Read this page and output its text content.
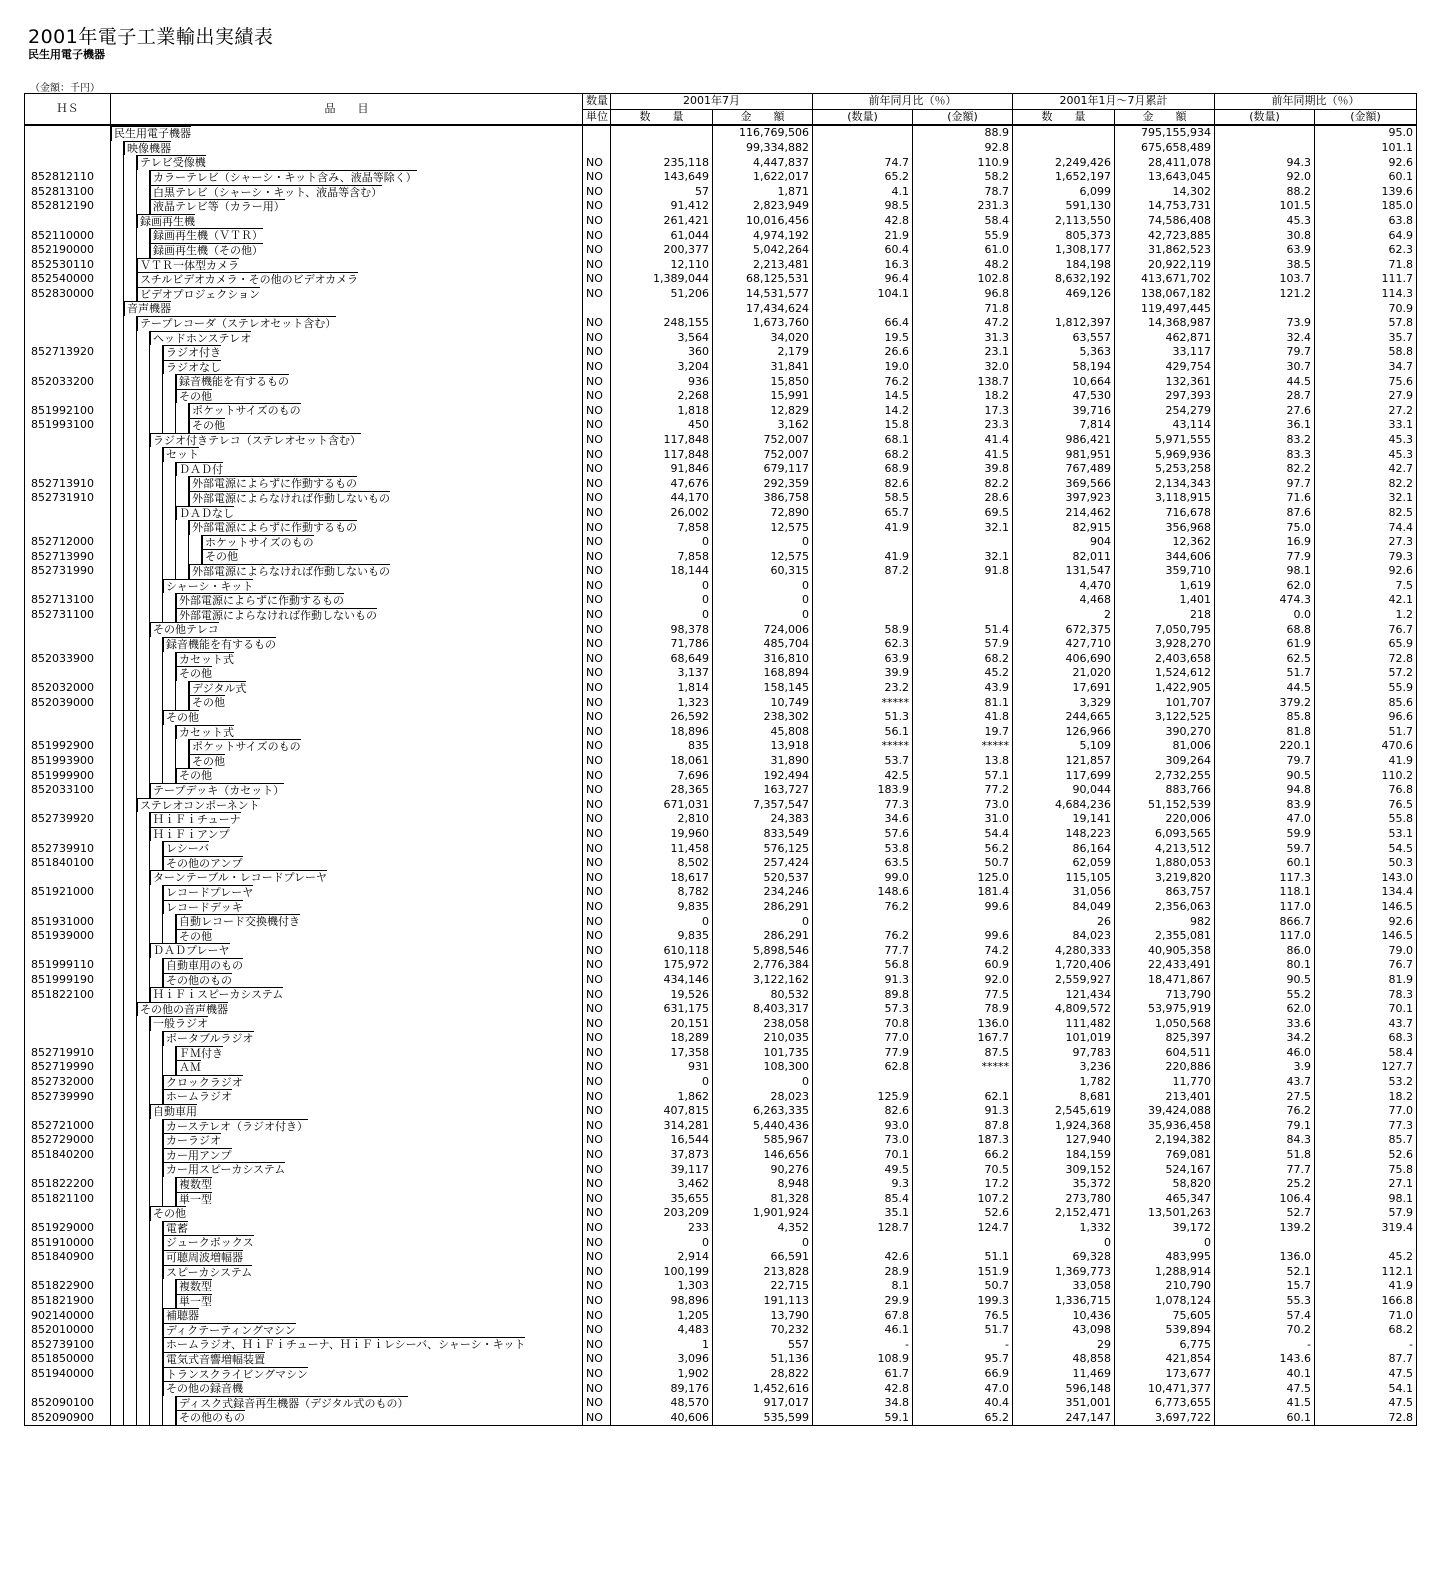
2001年電子工業輸出実績表
民生用電子機器
（金額：千円）
ＨＳ	品　　目	数量	2001年7月		前年同月比（％）		2001年1月～7月累計		前年同期比（％）	
		単位	数　　量	金　　額	(数量)	(金額)	数　　量	金　　額	(数量)	(金額)

	民生用電子機器			116,769,506		88.9		795,155,934		95.0

	映像機器			99,334,882		92.8		675,658,489		101.1

	テレビ受像機	NO	235,118	4,447,837	74.7	110.9	2,249,426	28,411,078	94.3	92.6
852812110	カラーテレビ（シャーシ・キット含み、液晶等除く）	NO	143,649	1,622,017	65.2	58.2	1,652,197	13,643,045	92.0	60.1
852813100	白黒テレビ（シャーシ・キット、液晶等含む）	NO	57	1,871	4.1	78.7	6,099	14,302	88.2	139.6
852812190	液晶テレビ等（カラー用）	NO	91,412	2,823,949	98.5	231.3	591,130	14,753,731	101.5	185.0

	録画再生機	NO	261,421	10,016,456	42.8	58.4	2,113,550	74,586,408	45.3	63.8
852110000	録画再生機（ＶＴＲ）	NO	61,044	4,974,192	21.9	55.9	805,373	42,723,885	30.8	64.9
852190000	録画再生機（その他）	NO	200,377	5,042,264	60.4	61.0	1,308,177	31,862,523	63.9	62.3
852530110	ＶＴＲ一体型カメラ	NO	12,110	2,213,481	16.3	48.2	184,198	20,922,119	38.5	71.8
852540000	スチルビデオカメラ・その他のビデオカメラ	NO	1,389,044	68,125,531	96.4	102.8	8,632,192	413,671,702	103.7	111.7
852830000	ビデオプロジェクション	NO	51,206	14,531,577	104.1	96.8	469,126	138,067,182	121.2	114.3

	音声機器			17,434,624		71.8		119,497,445		70.9

	テープレコーダ（ステレオセット含む）	NO	248,155	1,673,760	66.4	47.2	1,812,397	14,368,987	73.9	57.8

	ヘッドホンステレオ	NO	3,564	34,020	19.5	31.3	63,557	462,871	32.4	35.7
852713920	ラジオ付き	NO	360	2,179	26.6	23.1	5,363	33,117	79.7	58.8

	ラジオなし	NO	3,204	31,841	19.0	32.0	58,194	429,754	30.7	34.7
852033200	録音機能を有するもの	NO	936	15,850	76.2	138.7	10,664	132,361	44.5	75.6

	その他	NO	2,268	15,991	14.5	18.2	47,530	297,393	28.7	27.9
851992100	ポケットサイズのもの	NO	1,818	12,829	14.2	17.3	39,716	254,279	27.6	27.2
851993100	その他	NO	450	3,162	15.8	23.3	7,814	43,114	36.1	33.1

	ラジオ付きテレコ（ステレオセット含む）	NO	117,848	752,007	68.1	41.4	986,421	5,971,555	83.2	45.3

	セット	NO	117,848	752,007	68.2	41.5	981,951	5,969,936	83.3	45.3

	ＤＡＤ付	NO	91,846	679,117	68.9	39.8	767,489	5,253,258	82.2	42.7
852713910	外部電源によらずに作動するもの	NO	47,676	292,359	82.6	82.2	369,566	2,134,343	97.7	82.2
852731910	外部電源によらなければ作動しないもの	NO	44,170	386,758	58.5	28.6	397,923	3,118,915	71.6	32.1

	ＤＡＤなし	NO	26,002	72,890	65.7	69.5	214,462	716,678	87.6	82.5

	外部電源によらずに作動するもの	NO	7,858	12,575	41.9	32.1	82,915	356,968	75.0	74.4
852712000	ホケットサイズのもの	NO	0	0			904	12,362	16.9	27.3
852713990	その他	NO	7,858	12,575	41.9	32.1	82,011	344,606	77.9	79.3
852731990	外部電源によらなければ作動しないもの	NO	18,144	60,315	87.2	91.8	131,547	359,710	98.1	92.6

	シャーシ・キット	NO	0	0			4,470	1,619	62.0	7.5
852713100	外部電源によらずに作動するもの	NO	0	0			4,468	1,401	474.3	42.1
852731100	外部電源によらなければ作動しないもの	NO	0	0			2	218	0.0	1.2

	その他テレコ	NO	98,378	724,006	58.9	51.4	672,375	7,050,795	68.8	76.7

	録音機能を有するもの	NO	71,786	485,704	62.3	57.9	427,710	3,928,270	61.9	65.9
852033900	カセット式	NO	68,649	316,810	63.9	68.2	406,690	2,403,658	62.5	72.8

	その他	NO	3,137	168,894	39.9	45.2	21,020	1,524,612	51.7	57.2
852032000	デジタル式	NO	1,814	158,145	23.2	43.9	17,691	1,422,905	44.5	55.9
852039000	その他	NO	1,323	10,749	*****	81.1	3,329	101,707	379.2	85.6

	その他	NO	26,592	238,302	51.3	41.8	244,665	3,122,525	85.8	96.6

	カセット式	NO	18,896	45,808	56.1	19.7	126,966	390,270	81.8	51.7
851992900	ポケットサイズのもの	NO	835	13,918	*****	*****	5,109	81,006	220.1	470.6
851993900	その他	NO	18,061	31,890	53.7	13.8	121,857	309,264	79.7	41.9
851999900	その他	NO	7,696	192,494	42.5	57.1	117,699	2,732,255	90.5	110.2
852033100	テープデッキ（カセット）	NO	28,365	163,727	183.9	77.2	90,044	883,766	94.8	76.8

	ステレオコンポーネント	NO	671,031	7,357,547	77.3	73.0	4,684,236	51,152,539	83.9	76.5
852739920	ＨｉＦｉチューナ	NO	2,810	24,383	34.6	31.0	19,141	220,006	47.0	55.8

	ＨｉＦｉアンプ	NO	19,960	833,549	57.6	54.4	148,223	6,093,565	59.9	53.1
852739910	レシーバ	NO	11,458	576,125	53.8	56.2	86,164	4,213,512	59.7	54.5
851840100	その他のアンプ	NO	8,502	257,424	63.5	50.7	62,059	1,880,053	60.1	50.3

	ターンテーブル・レコードプレーヤ	NO	18,617	520,537	99.0	125.0	115,105	3,219,820	117.3	143.0
851921000	レコードプレーヤ	NO	8,782	234,246	148.6	181.4	31,056	863,757	118.1	134.4

	レコードデッキ	NO	9,835	286,291	76.2	99.6	84,049	2,356,063	117.0	146.5
851931000	自動レコード交換機付き	NO	0	0			26	982	866.7	92.6
851939000	その他	NO	9,835	286,291	76.2	99.6	84,023	2,355,081	117.0	146.5

	ＤＡＤプレーヤ	NO	610,118	5,898,546	77.7	74.2	4,280,333	40,905,358	86.0	79.0
851999110	自動車用のもの	NO	175,972	2,776,384	56.8	60.9	1,720,406	22,433,491	80.1	76.7
851999190	その他のもの	NO	434,146	3,122,162	91.3	92.0	2,559,927	18,471,867	90.5	81.9
851822100	ＨｉＦｉスピーカシステム	NO	19,526	80,532	89.8	77.5	121,434	713,790	55.2	78.3

	その他の音声機器	NO	631,175	8,403,317	57.3	78.9	4,809,572	53,975,919	62.0	70.1

	一般ラジオ	NO	20,151	238,058	70.8	136.0	111,482	1,050,568	33.6	43.7

	ポータブルラジオ	NO	18,289	210,035	77.0	167.7	101,019	825,397	34.2	68.3
852719910	ＦＭ付き	NO	17,358	101,735	77.9	87.5	97,783	604,511	46.0	58.4
852719990	ＡＭ	NO	931	108,300	62.8	*****	3,236	220,886	3.9	127.7
852732000	クロックラジオ	NO	0	0			1,782	11,770	43.7	53.2
852739990	ホームラジオ	NO	1,862	28,023	125.9	62.1	8,681	213,401	27.5	18.2

	自動車用	NO	407,815	6,263,335	82.6	91.3	2,545,619	39,424,088	76.2	77.0
852721000	カーステレオ（ラジオ付き）	NO	314,281	5,440,436	93.0	87.8	1,924,368	35,936,458	79.1	77.3
852729000	カーラジオ	NO	16,544	585,967	73.0	187.3	127,940	2,194,382	84.3	85.7
851840200	カー用アンプ	NO	37,873	146,656	70.1	66.2	184,159	769,081	51.8	52.6

	カー用スピーカシステム	NO	39,117	90,276	49.5	70.5	309,152	524,167	77.7	75.8
851822200	複数型	NO	3,462	8,948	9.3	17.2	35,372	58,820	25.2	27.1
851821100	単一型	NO	35,655	81,328	85.4	107.2	273,780	465,347	106.4	98.1

	その他	NO	203,209	1,901,924	35.1	52.6	2,152,471	13,501,263	52.7	57.9
851929000	電蓄	NO	233	4,352	128.7	124.7	1,332	39,172	139.2	319.4
851910000	ジュークボックス	NO	0	0			0	0		
851840900	可聴周波増幅器	NO	2,914	66,591	42.6	51.1	69,328	483,995	136.0	45.2

	スピーカシステム	NO	100,199	213,828	28.9	151.9	1,369,773	1,288,914	52.1	112.1
851822900	複数型	NO	1,303	22,715	8.1	50.7	33,058	210,790	15.7	41.9
851821900	単一型	NO	98,896	191,113	29.9	199.3	1,336,715	1,078,124	55.3	166.8
902140000	補聴器	NO	1,205	13,790	67.8	76.5	10,436	75,605	57.4	71.0
852010000	ディクテーティングマシン	NO	4,483	70,232	46.1	51.7	43,098	539,894	70.2	68.2
852739100	ホームラジオ、ＨｉＦｉチューナ、ＨｉＦｉレシーバ、シャーシ・キット	NO	1	557	-	-	29	6,775	-	-
851850000	電気式音響増幅装置	NO	3,096	51,136	108.9	95.7	48,858	421,854	143.6	87.7
851940000	トランスクライビングマシン	NO	1,902	28,822	61.7	66.9	11,469	173,677	40.1	47.5

	その他の録音機	NO	89,176	1,452,616	42.8	47.0	596,148	10,471,377	47.5	54.1
852090100	ディスク式録音再生機器（デジタル式のもの）	NO	48,570	917,017	34.8	40.4	351,001	6,773,655	41.5	47.5
852090900	その他のもの	NO	40,606	535,599	59.1	65.2	247,147	3,697,722	60.1	72.8
